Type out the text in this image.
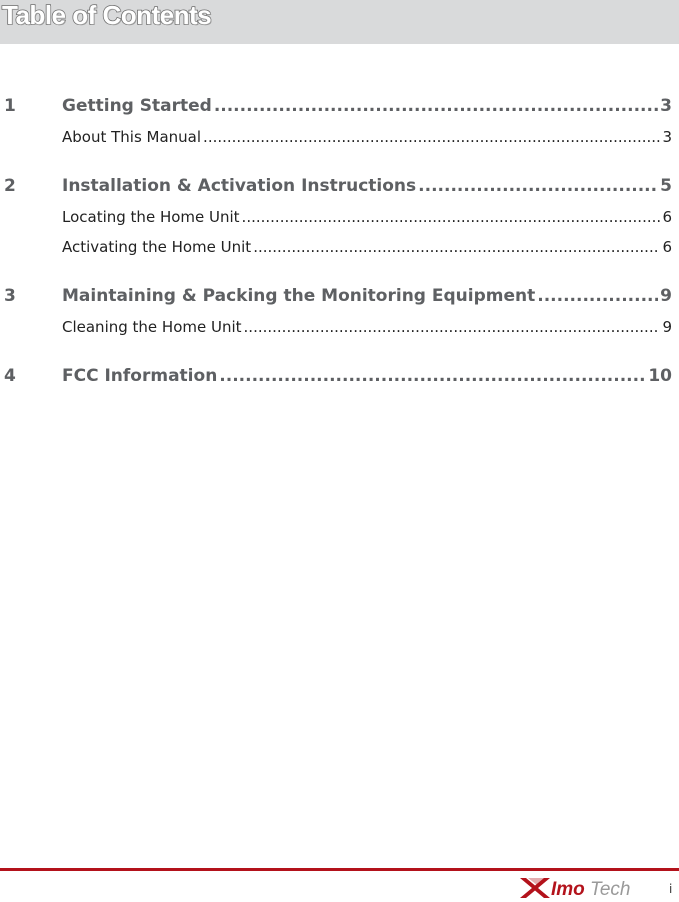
Table of Contents
1	Getting Started .....	3
About This Manual .....	3
2	Installation & Activation Instructions .....	5
Locating the Home Unit .....	6
Activating the Home Unit .....	6
3	Maintaining & Packing the Monitoring Equipment .....	9
Cleaning the Home Unit .....	9
4	FCC Information .....	10
Imo Tech	i
